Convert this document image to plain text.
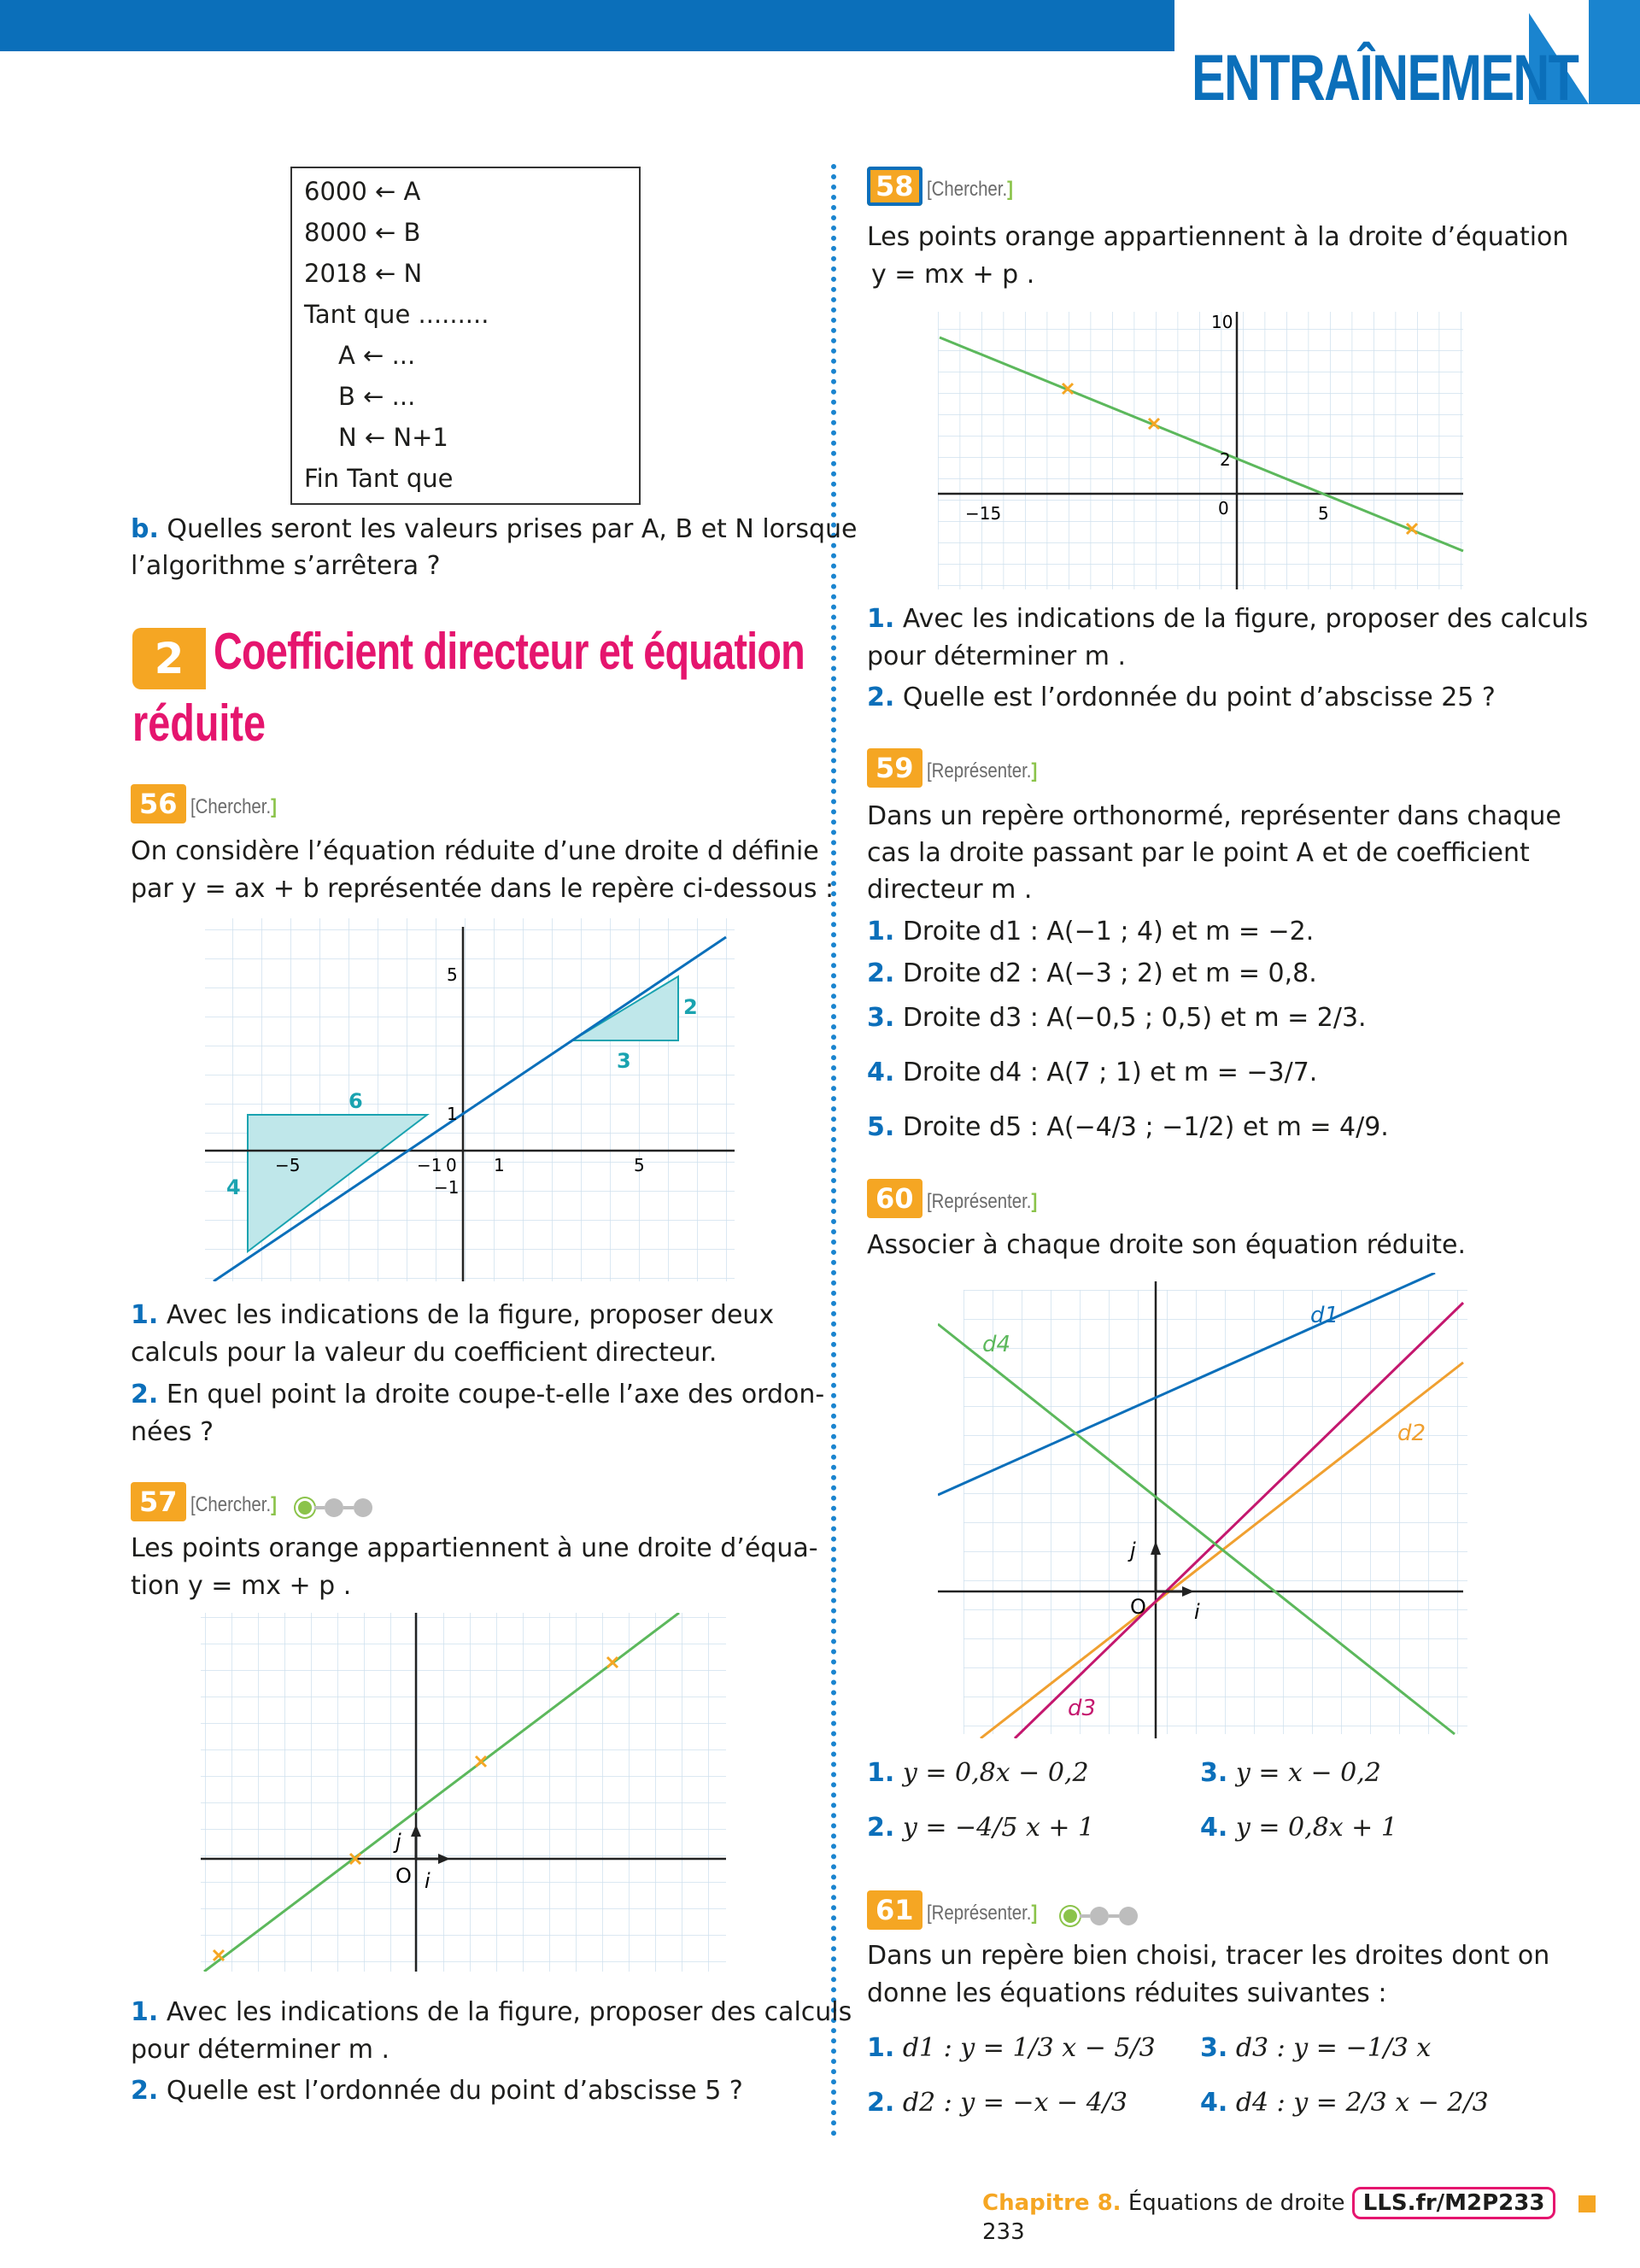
ENTRAÎNEMENT
6000 ← A
8000 ← B
2018 ← N
Tant que .........
A ← ...
B ← ...
N ← N+1
Fin Tant que
b. Quelles seront les valeurs prises par A, B et N lorsque
l’algorithme s’arrêtera ?
2 Coefficient directeur et équation
réduite
56 [Chercher.]
On considère l’équation réduite d’une droite d définie
par y = ax + b représentée dans le repère ci-dessous :
5
1
−1
−5	−1 0 1	5
6
4
3
2
1. Avec les indications de la figure, proposer deux
calculs pour la valeur du coefficient directeur.
2. En quel point la droite coupe-t-elle l’axe des ordon-
nées ?
57 [Chercher.]
Les points orange appartiennent à une droite d’équa-
tion y = mx + p .
O i
j
1. Avec les indications de la figure, proposer des calculs
pour déterminer m .
2. Quelle est l’ordonnée du point d’abscisse 5 ?
58 [Chercher.]
Les points orange appartiennent à la droite d’équation
y = mx + p .
10
2
0
−15	5
1. Avec les indications de la figure, proposer des calculs
pour déterminer m .
2. Quelle est l’ordonnée du point d’abscisse 25 ?
59 [Représenter.]
Dans un repère orthonormé, représenter dans chaque
cas la droite passant par le point A et de coefficient
directeur m .
1. Droite d1 : A(−1 ; 4) et m = −2.
2. Droite d2 : A(−3 ; 2) et m = 0,8.
3. Droite d3 : A(−0,5 ; 0,5) et m = 2/3.
4. Droite d4 : A(7 ; 1) et m = −3/7.
5. Droite d5 : A(−4/3 ; −1/2) et m = 4/9.
60 [Représenter.]
Associer à chaque droite son équation réduite.
O i
j
d1
d2
d3
d4
1. y = 0,8x − 0,2	3. y = x − 0,2
2. y = −4/5 x + 1	4. y = 0,8x + 1
61 [Représenter.]
Dans un repère bien choisi, tracer les droites dont on
donne les équations réduites suivantes :
1. d1 : y = 1/3 x − 5/3 3. d3 : y = −1/3 x
2. d2 : y = −x − 4/3	4. d4 : y = 2/3 x − 2/3
Chapitre 8. Équations de droite LLS.fr/M2P233  233
